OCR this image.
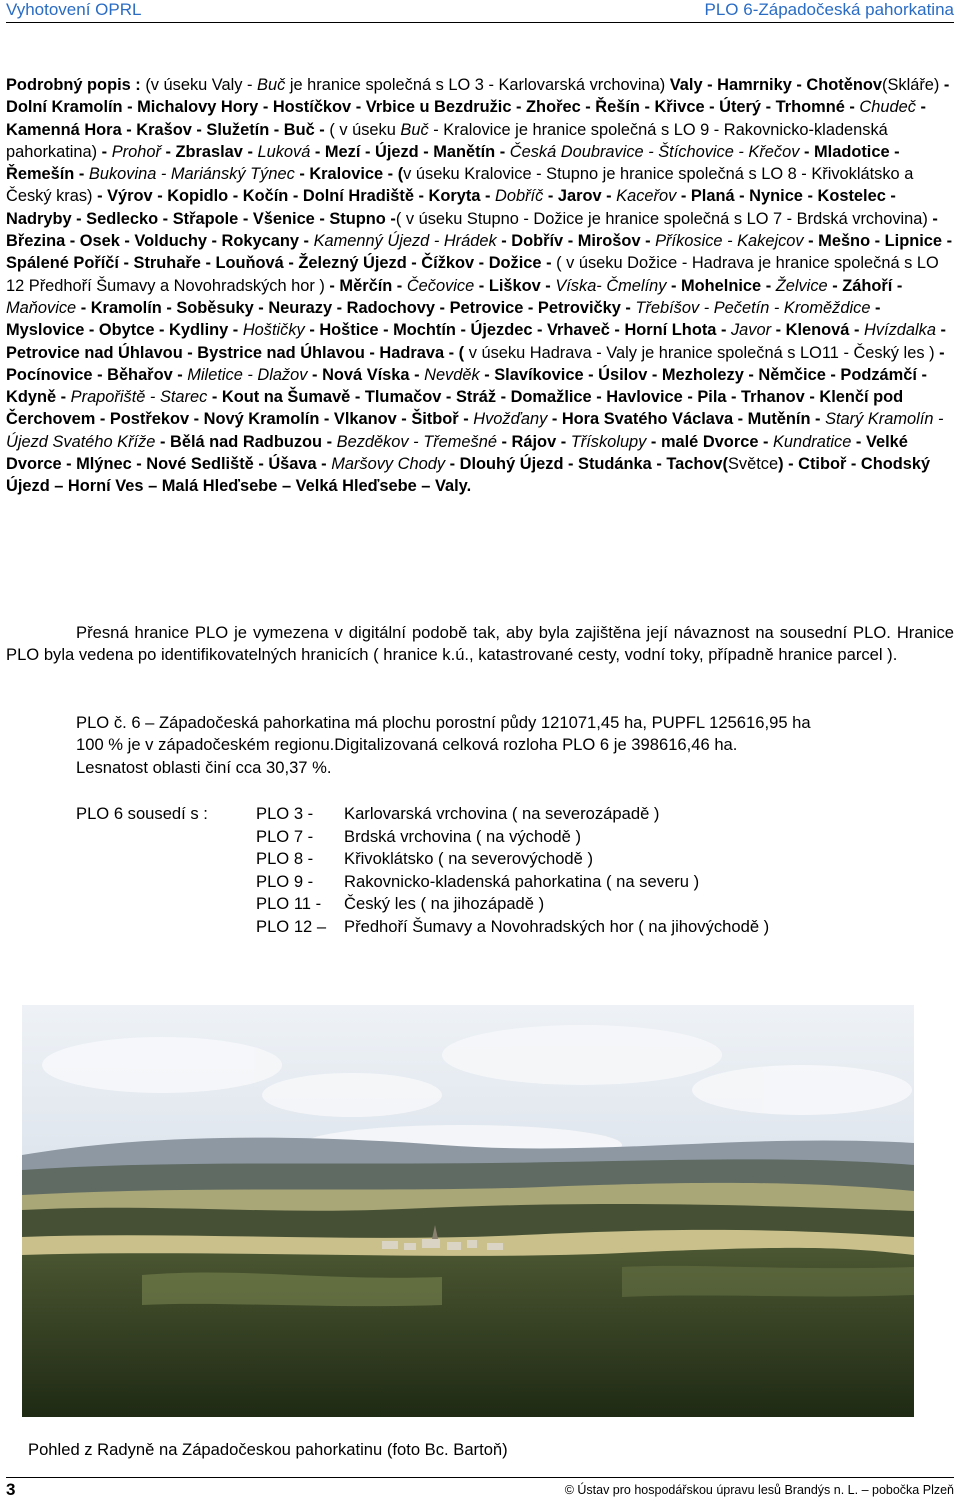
Vyhotovení OPRL	PLO 6-Západočeská pahorkatina
Podrobný popis : (v úseku Valy - Buč je hranice společná s LO 3 - Karlovarská vrchovina) Valy - Hamrniky - Chotěnov(Skláře) - Dolní Kramolín - Michalovy Hory - Hostíčkov - Vrbice u Bezdružic - Zhořec - Řešín - Křivce - Úterý - Trhomné - Chudeč - Kamenná Hora - Krašov - Služetín - Buč - ( v úseku Buč - Kralovice je hranice společná s LO 9 - Rakovnicko-kladenská pahorkatina) - Prohoř - Zbraslav - Luková - Mezí - Újezd - Manětín - Česká Doubravice - Štíchovice - Křečov - Mladotice - Řemešín - Bukovina - Mariánský Týnec - Kralovice - (v úseku Kralovice - Stupno je hranice společná s LO 8 - Křivoklátsko a Český kras) - Výrov - Kopidlo - Kočín - Dolní Hradiště - Koryta - Dobříč - Jarov - Kaceřov - Planá - Nynice - Kostelec - Nadryby - Sedlecko - Střapole - Všenice - Stupno -( v úseku Stupno - Dožice je hranice společná s LO 7 - Brdská vrchovina) - Březina - Osek - Volduchy - Rokycany - Kamenný Újezd - Hrádek - Dobřív - Mirošov - Příkosice - Kakejcov - Mešno - Lipnice - Spálené Poříčí - Struhaře - Louňová - Železný Újezd - Čížkov - Dožice - ( v úseku Dožice - Hadrava je hranice společná s LO 12 Předhoří Šumavy a Novohradských hor ) - Měrčín - Čečovice - Liškov - Víska- Čmelíny - Mohelnice - Želvice - Záhoří - Maňovice - Kramolín - Soběsuky - Neurazy - Radochovy - Petrovice - Petrovičky - Třebíšov - Pečetín - Kroměždice - Myslovice - Obytce - Kydliny - Hoštičky - Hoštice - Mochtín - Újezdec - Vrhaveč - Horní Lhota - Javor - Klenová - Hvízdalka - Petrovice nad Úhlavou - Bystrice nad Úhlavou - Hadrava - ( v úseku Hadrava - Valy je hranice společná s LO11 - Český les ) - Pocínovice - Běhařov - Miletice - Dlažov - Nová Víska - Nevděk - Slavíkovice - Úsilov - Mezholezy - Němčice - Podzámčí - Kdyně - Prapořiště - Starec - Kout na Šumavě - Tlumačov - Stráž - Domažlice - Havlovice - Pila - Trhanov - Klenčí pod Čerchovem - Postřekov - Nový Kramolín - Vlkanov - Šitboř - Hvožďany - Hora Svatého Václava - Mutěnín - Starý Kramolín - Újezd Svatého Kříže - Bělá nad Radbuzou - Bezděkov - Třemešné - Rájov - Třískolupy - malé Dvorce - Kundratice - Velké Dvorce - Mlýnec - Nové Sedliště - Úšava - Maršovy Chody - Dlouhý Újezd - Studánka - Tachov(Světce) - Ctiboř - Chodský Újezd – Horní Ves – Malá Hleďsebe – Velká Hleďsebe – Valy.

Přesná hranice PLO je vymezena v digitální podobě tak, aby byla zajištěna její návaznost na sousední PLO. Hranice PLO byla vedena po identifikovatelných hranicích ( hranice k.ú., katastrované cesty, vodní toky, případně hranice parcel ).

PLO č. 6 – Západočeská pahorkatina má plochu porostní půdy 121071,45 ha, PUPFL 125616,95 ha
100 % je v západočeském regionu.Digitalizovaná celková rozloha PLO 6 je 398616,46 ha.
Lesnatost oblasti činí cca 30,37 %.
PLO 6 sousedí s :	PLO 3 - Karlovarská vrchovina ( na severozápadě )
PLO 7 - Brdská vrchovina ( na východě )
PLO 8 - Křivoklátsko ( na severovýchodě )
PLO 9 - Rakovnicko-kladenská pahorkatina ( na severu )
PLO 11 - Český les ( na jihozápadě )
PLO 12 – Předhoří Šumavy a Novohradských hor ( na jihovýchodě )
Pohled z Radyně na Západočeskou pahorkatinu (foto Bc. Bartoň)
3	© Ústav pro hospodářskou úpravu lesů Brandýs n. L. – pobočka Plzeň
